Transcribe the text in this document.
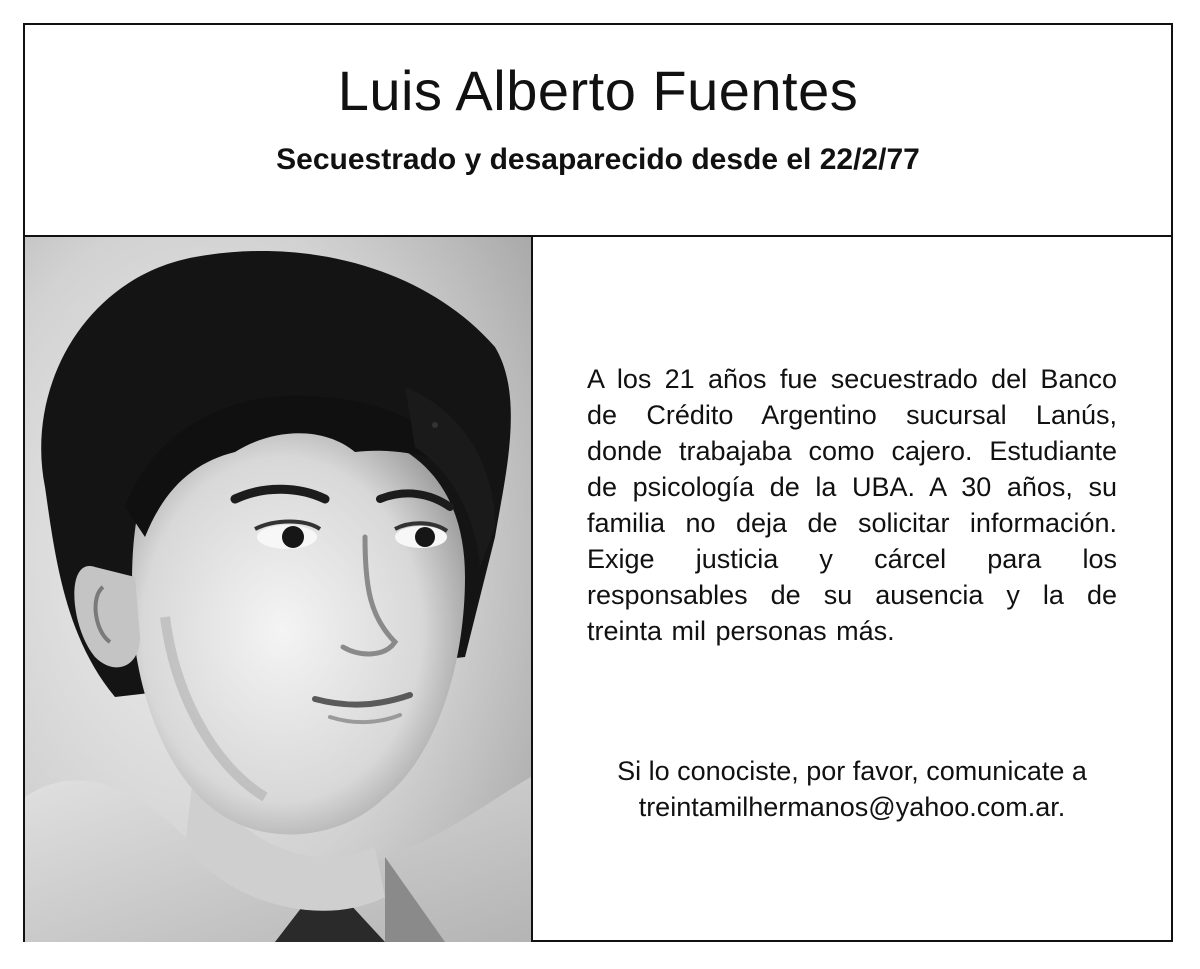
Luis Alberto Fuentes
Secuestrado y desaparecido desde el 22/2/77

A los 21 años fue secuestrado del Banco de Crédito Argentino sucursal Lanús, donde trabajaba como cajero. Estudiante de psicología de la UBA. A 30 años, su familia no deja de solicitar información. Exige justicia y cárcel para los responsables de su ausencia y la de treinta mil personas más.

Si lo conociste, por favor, comunicate a
treintamilhermanos@yahoo.com.ar.
